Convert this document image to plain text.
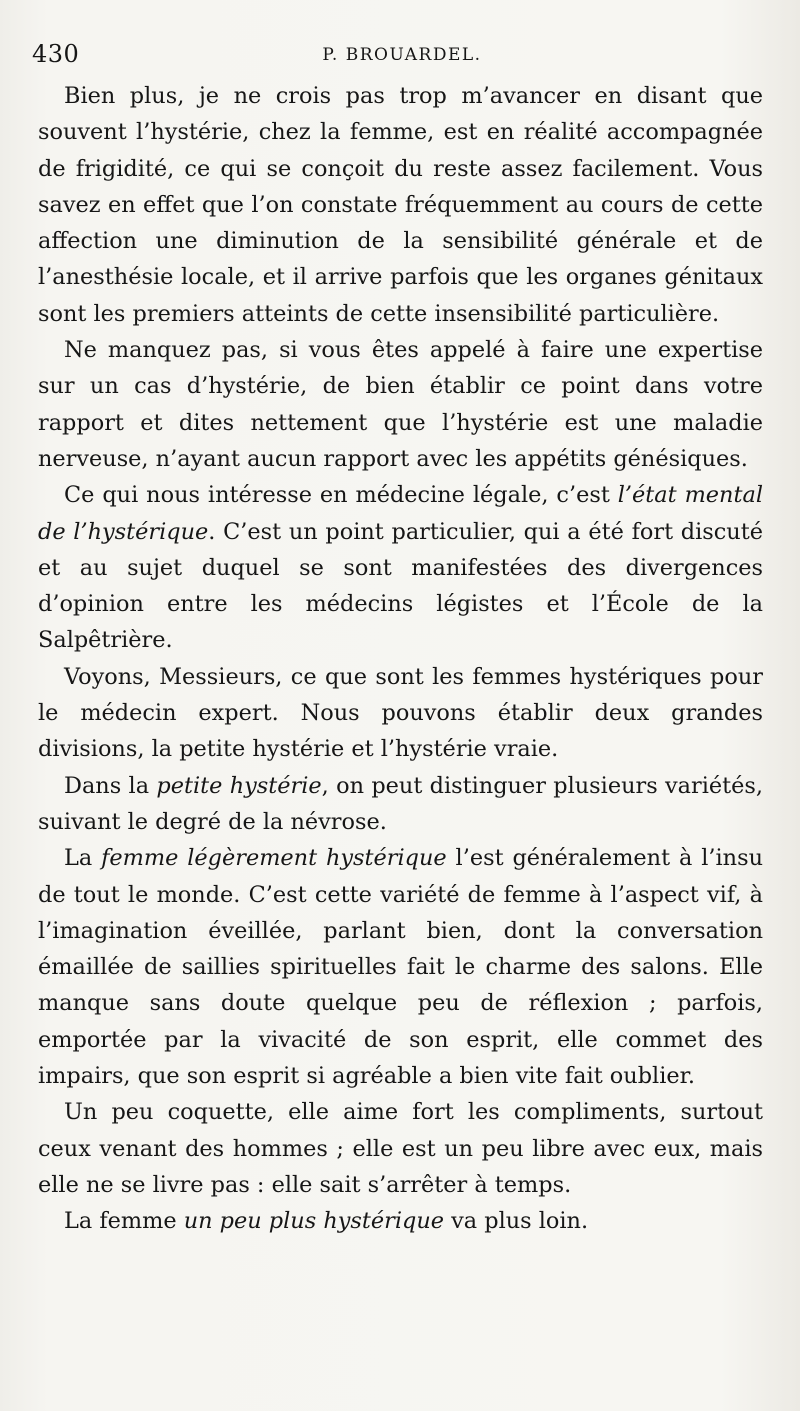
430	P. BROUARDEL.

Bien plus, je ne crois pas trop m’avancer en disant que souvent l’hystérie, chez la femme, est en réalité accompagnée de frigidité, ce qui se conçoit du reste assez facilement. Vous savez en effet que l’on constate fréquemment au cours de cette affection une diminution de la sensibilité générale et de l’anesthésie locale, et il arrive parfois que les organes génitaux sont les premiers atteints de cette insensibilité particulière.

Ne manquez pas, si vous êtes appelé à faire une expertise sur un cas d’hystérie, de bien établir ce point dans votre rapport et dites nettement que l’hystérie est une maladie nerveuse, n’ayant aucun rapport avec les appétits génésiques.

Ce qui nous intéresse en médecine légale, c’est l’état mental de l’hystérique. C’est un point particulier, qui a été fort discuté et au sujet duquel se sont manifestées des divergences d’opinion entre les médecins légistes et l’École de la Salpêtrière.

Voyons, Messieurs, ce que sont les femmes hystériques pour le médecin expert. Nous pouvons établir deux grandes divisions, la petite hystérie et l’hystérie vraie.

Dans la petite hystérie, on peut distinguer plusieurs variétés, suivant le degré de la névrose.

La femme légèrement hystérique l’est généralement à l’insu de tout le monde. C’est cette variété de femme à l’aspect vif, à l’imagination éveillée, parlant bien, dont la conversation émaillée de saillies spirituelles fait le charme des salons. Elle manque sans doute quelque peu de réflexion ; parfois, emportée par la vivacité de son esprit, elle commet des impairs, que son esprit si agréable a bien vite fait oublier.

Un peu coquette, elle aime fort les compliments, surtout ceux venant des hommes ; elle est un peu libre avec eux, mais elle ne se livre pas : elle sait s’arrêter à temps.

La femme un peu plus hystérique va plus loin.
